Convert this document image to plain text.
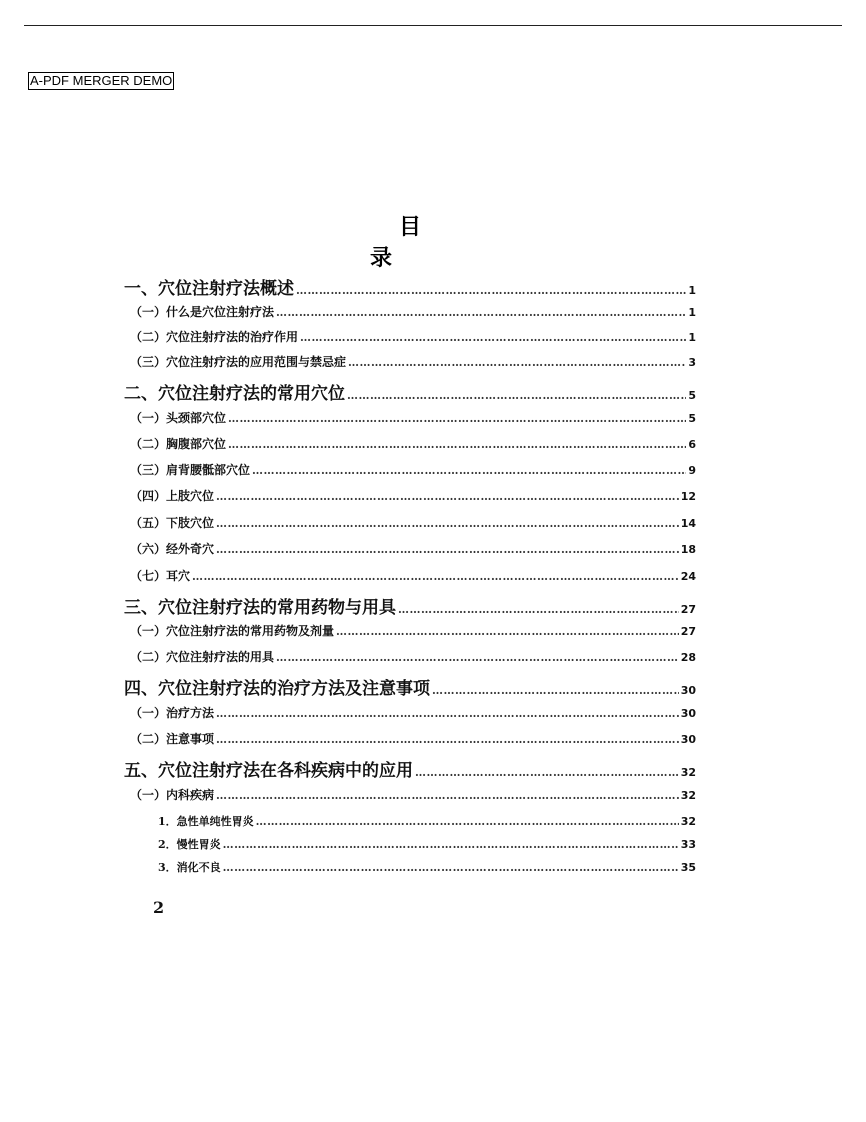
A-PDF MERGER DEMO
目录
一、穴位注射疗法概述 …………………………………………………………………………………………………………………………………………………………………………………………………………	1
（一）什么是穴位注射疗法 …………………………………………………………………………………………………………………………………………………………………………………………………………	1
（二）穴位注射疗法的治疗作用 …………………………………………………………………………………………………………………………………………………………………………………………………………	1
（三）穴位注射疗法的应用范围与禁忌症 …………………………………………………………………………………………………………………………………………………………………………………………………………	3
二、穴位注射疗法的常用穴位 …………………………………………………………………………………………………………………………………………………………………………………………………………	5
（一）头颈部穴位 …………………………………………………………………………………………………………………………………………………………………………………………………………	5
（二）胸腹部穴位 …………………………………………………………………………………………………………………………………………………………………………………………………………	6
（三）肩背腰骶部穴位 …………………………………………………………………………………………………………………………………………………………………………………………………………	9
（四）上肢穴位 …………………………………………………………………………………………………………………………………………………………………………………………………………	12
（五）下肢穴位 …………………………………………………………………………………………………………………………………………………………………………………………………………	14
（六）经外奇穴 …………………………………………………………………………………………………………………………………………………………………………………………………………	18
（七）耳穴 …………………………………………………………………………………………………………………………………………………………………………………………………………	24
三、穴位注射疗法的常用药物与用具 …………………………………………………………………………………………………………………………………………………………………………………………………………	27
（一）穴位注射疗法的常用药物及剂量 …………………………………………………………………………………………………………………………………………………………………………………………………………	27
（二）穴位注射疗法的用具 …………………………………………………………………………………………………………………………………………………………………………………………………………	28
四、穴位注射疗法的治疗方法及注意事项 …………………………………………………………………………………………………………………………………………………………………………………………………………	30
（一）治疗方法 …………………………………………………………………………………………………………………………………………………………………………………………………………	30
（二）注意事项 …………………………………………………………………………………………………………………………………………………………………………………………………………	30
五、穴位注射疗法在各科疾病中的应用 …………………………………………………………………………………………………………………………………………………………………………………………………………	32
（一）内科疾病 …………………………………………………………………………………………………………………………………………………………………………………………………………	32
1．急性单纯性胃炎 …………………………………………………………………………………………………………………………………………………………………………………………………………	32
2．慢性胃炎 …………………………………………………………………………………………………………………………………………………………………………………………………………	33
3．消化不良 …………………………………………………………………………………………………………………………………………………………………………………………………………	35
2
